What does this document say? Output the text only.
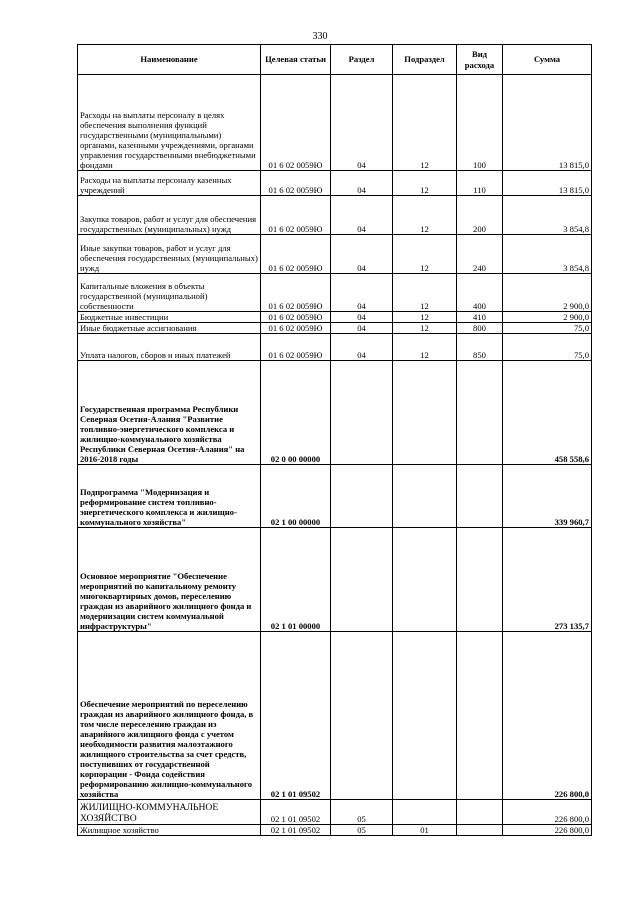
330
Наименование	Целевая статьи	Раздел	Подраздел	Вид расхода	Сумма
Расходы на выплаты персоналу в целях обеспечения выполнения функций государственными (муниципальными) органами, казенными учреждениями, органами управления государственными внебюджетными фондами	01 6 02 0059Ю	04	12	100	13 815,0
Расходы на выплаты персоналу казенных учреждений	01 6 02 0059Ю	04	12	110	13 815,0
Закупка товаров, работ и услуг для обеспечения государственных (муниципальных) нужд	01 6 02 0059Ю	04	12	200	3 854,8
Иные закупки товаров, работ и услуг для обеспечения государственных (муниципальных) нужд	01 6 02 0059Ю	04	12	240	3 854,8
Капитальные вложения в объекты государственной (муниципальной) собственности	01 6 02 0059Ю	04	12	400	2 900,0
Бюджетные инвестиции	01 6 02 0059Ю	04	12	410	2 900,0
Иные бюджетные ассигнования	01 6 02 0059Ю	04	12	800	75,0
Уплата налогов, сборов и иных платежей	01 6 02 0059Ю	04	12	850	75,0
Государственная программа Республики Северная Осетия-Алания "Развитие топливно-энергетического комплекса и жилищно-коммунального хозяйства Республики Северная Осетия-Алания" на 2016-2018 годы	02 0 00 00000				458 558,6
Подпрограмма "Модернизация и реформирование систем топливно-энергетического комплекса и жилищно-коммунального хозяйства"	02 1 00 00000				339 960,7
Основное мероприятие "Обеспечение мероприятий по капитальному ремонту многоквартирных домов, переселению граждан из аварийного жилищного фонда и модернизации систем коммунальной инфраструктуры"	02 1 01 00000				273 135,7
Обеспечение мероприятий по переселению граждан из аварийного жилищного фонда, в том числе переселению граждан из аварийного жилищного фонда с учетом необходимости развития малоэтажного жилищного строительства за счет средств, поступивших от государственной корпорации - Фонда содействия реформированию жилищно-коммунального хозяйства	02 1 01 09502				226 800,0
ЖИЛИЩНО-КОММУНАЛЬНОЕ ХОЗЯЙСТВО	02 1 01 09502	05			226 800,0
Жилищное хозяйство	02 1 01 09502	05	01		226 800,0
